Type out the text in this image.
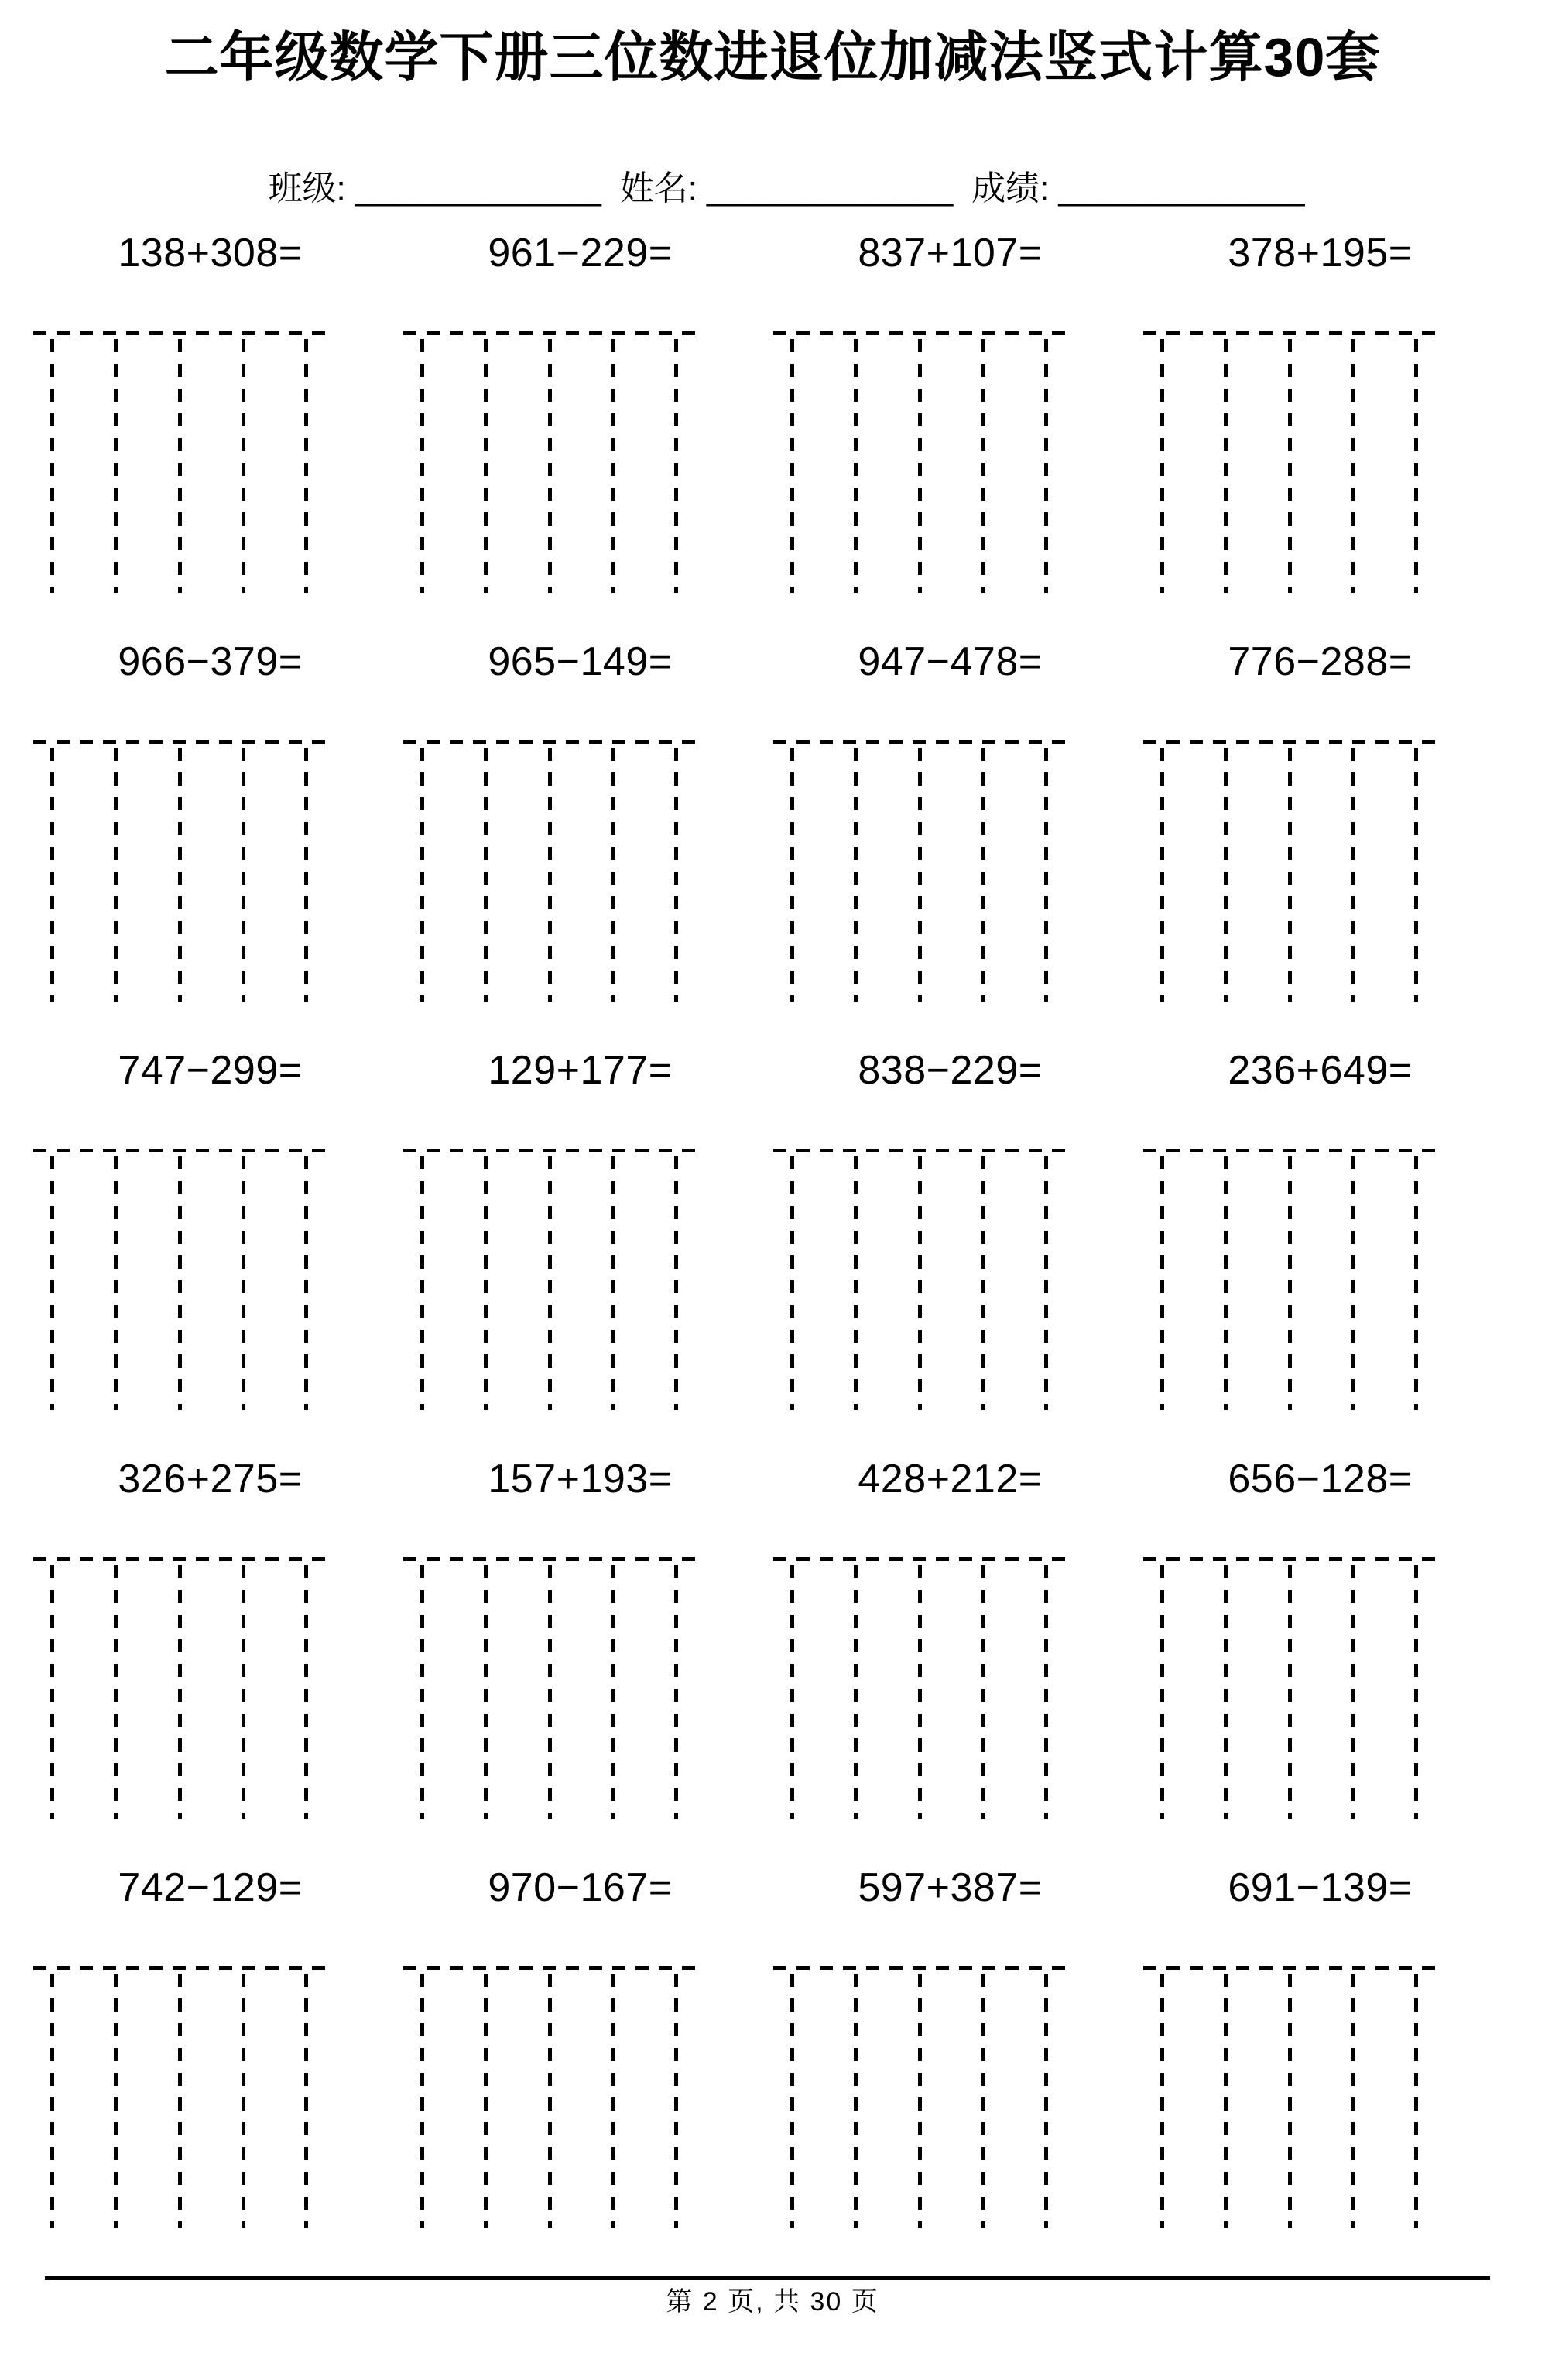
二年级数学下册三位数进退位加减法竖式计算30套
班级: _____________ 姓名: _____________ 成绩: _____________
138+308=	961−229=	837+107=	378+195=
966−379=	965−149=	947−478=	776−288=
747−299=	129+177=	838−229=	236+649=
326+275=	157+193=	428+212=	656−128=
742−129=	970−167=	597+387=	691−139=
第 2 页, 共 30 页
